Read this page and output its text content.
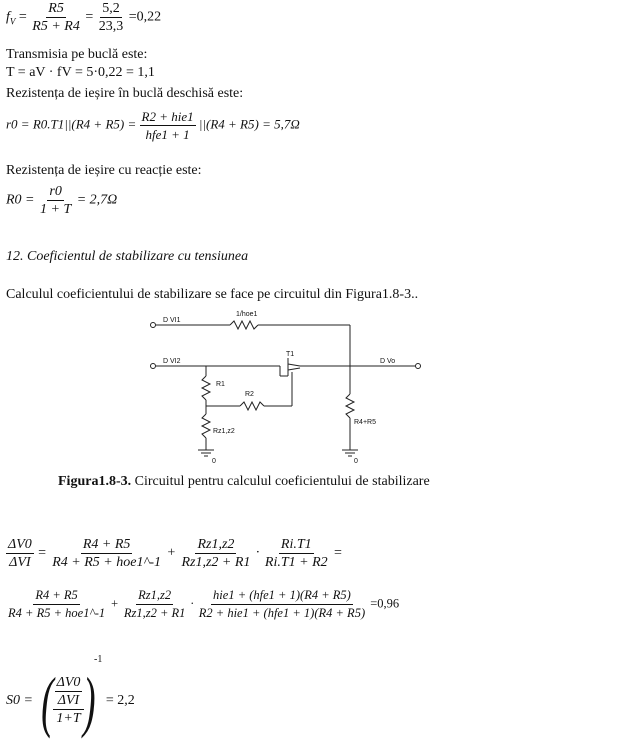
$f_V = \frac{R5}{R5 + R4} = \frac{5,2}{23,3} =0,22$
Transmisia pe buclă este:
T = aV · fV = 5·0,22 = 1,1
Rezistența de ieșire în buclă deschisă este:
$r0 = R0.T1||(R4 + R5) = \frac{\text{R2 + hie1}}{\text{hfe1 + 1}} ||(R4 + R5) = 5,7\Omega$
Rezistența de ieșire cu reacție este:
$R0 = \frac{r0}{1 + T} = 2,7\Omega$
12. Coeficientul de stabilizare cu tensiunea
Calculul coeficientului de stabilizare se face pe circuitul din Figura1.8-3..
D VI1
1/hoe1
D VI2
T1
D Vo
R1
R2
Rz1,z2
R4+R5
0	0
Figura1.8-3. Circuitul pentru calculul coeficientului de stabilizare
$\frac{\Delta V0}{\text{ΔVI}} = \frac{R4 + R5}{\text{R4 + R5 + hoe1\textasciicircum{}-1}} + \frac{Rz1,z2}{Rz1,z2 + R1} \cdot \frac{Ri.T1}{Ri.T1 + R2}$ =
$\frac{R4 + R5}{\text{R4 + R5 + hoe1\textasciicircum{}-1}} + \frac{Rz1,z2}{Rz1,z2 + R1} \cdot \frac{\text{hie1 + (hfe1 + 1)(R4 + R5)}}{\text{R2 + hie1 + (hfe1 + 1)(R4 + R5)}} =0,96$
S0 = (
$\frac{\frac{\Delta V0}{\text{ΔVI}}}{1+T}$
) $^{-1}$ = 2,2
